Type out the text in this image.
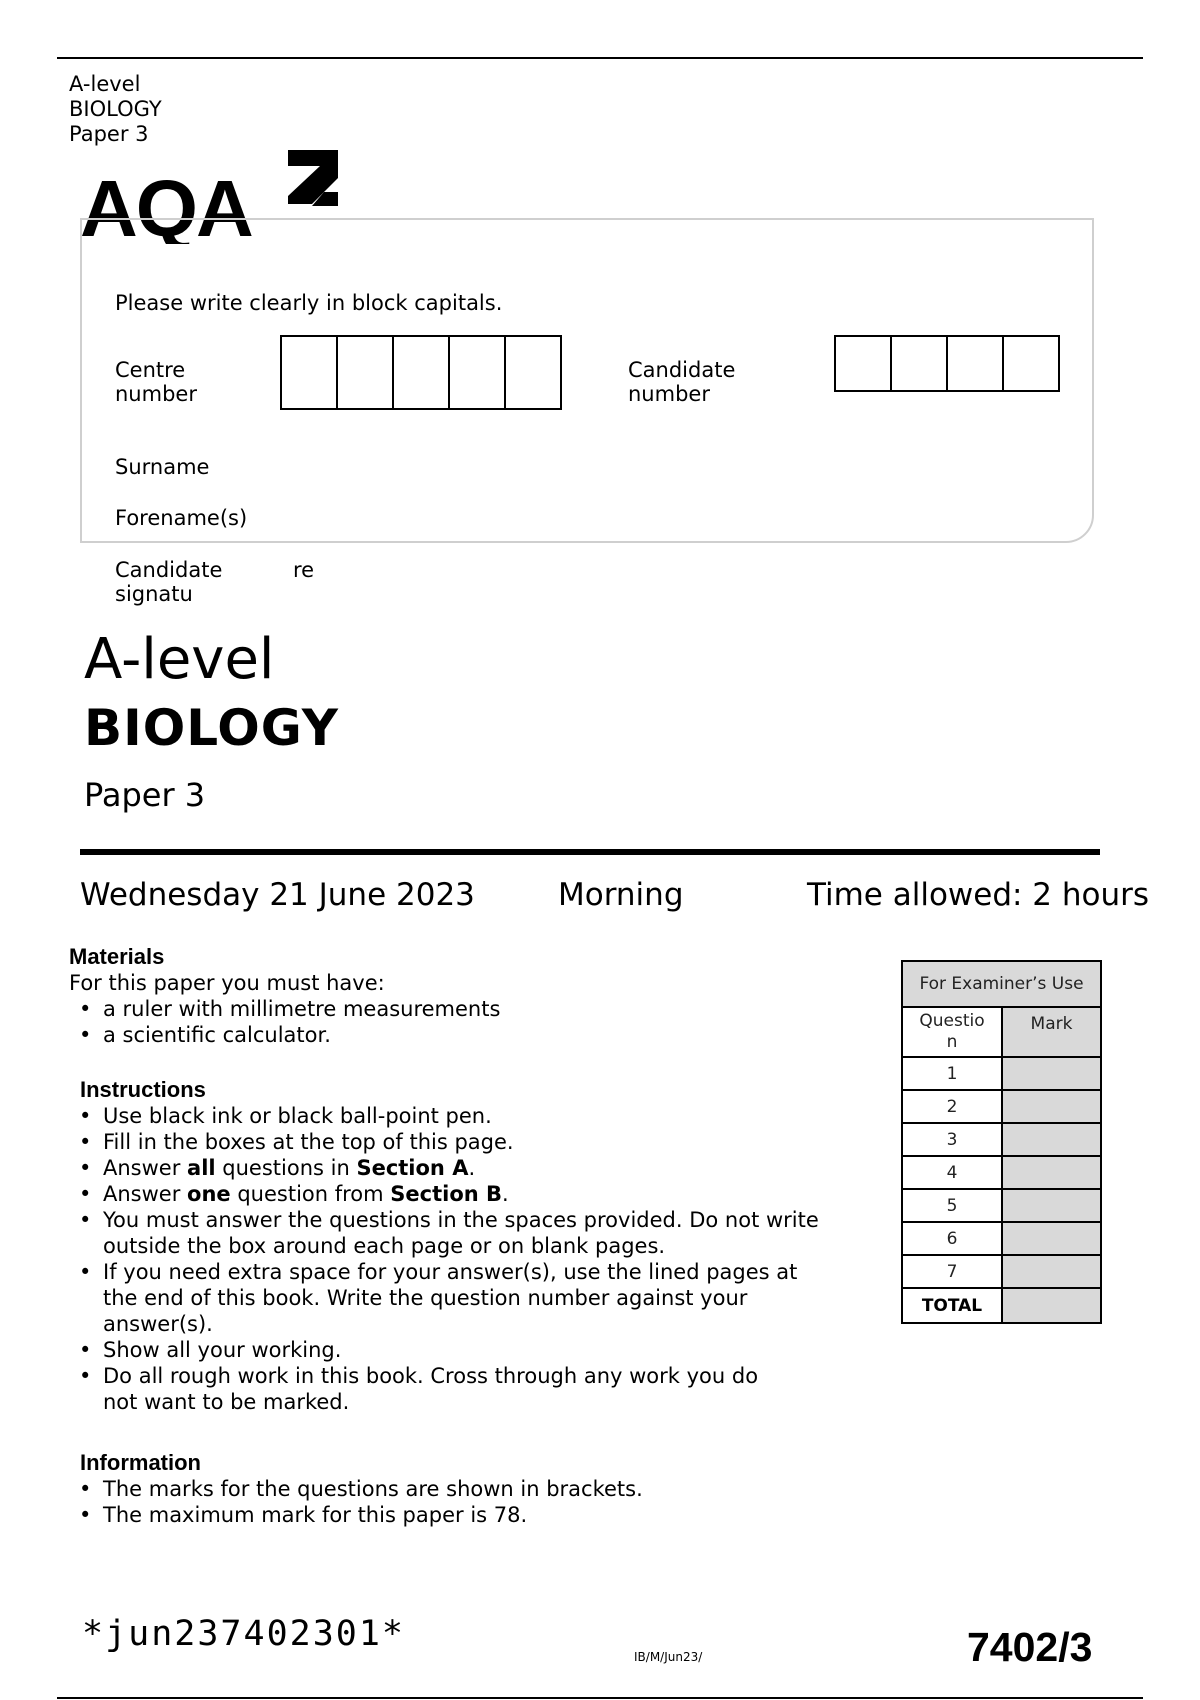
A-level
BIOLOGY
Paper 3
AQA
Please write clearly in block capitals.
Centre
number
Candidate
number
Surname
Forename(s)
Candidate
signatu
re
A-level
BIOLOGY
Paper 3
Wednesday 21 June 2023	Morning	Time allowed: 2 hours
Materials
For this paper you must have:
• a ruler with millimetre measurements
• a scientific calculator.
Instructions
• Use black ink or black ball-point pen.
• Fill in the boxes at the top of this page.
• Answer all questions in Section A.
• Answer one question from Section B.
• You must answer the questions in the spaces provided. Do not write
outside the box around each page or on blank pages.
• If you need extra space for your answer(s), use the lined pages at
the end of this book. Write the question number against your
answer(s).
• Show all your working.
• Do all rough work in this book. Cross through any work you do
not want to be marked.
Information
• The marks for the questions are shown in brackets.
• The maximum mark for this paper is 78.
For Examiner’s Use	

Questio
n	Mark
1	
2	
3	
4	
5	
6	
7	
TOTAL	
*jun237402301*
IB/M/Jun23/	7402/3
